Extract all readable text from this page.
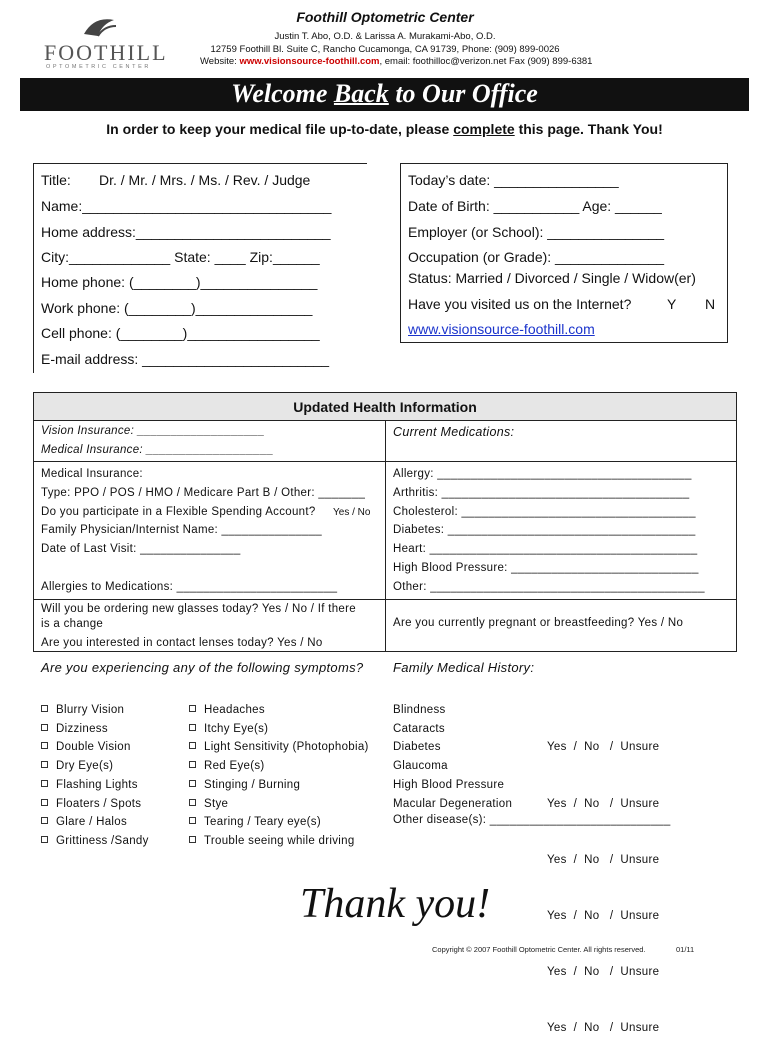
FOOTHILL
OPTOMETRIC CENTER
Foothill Optometric Center
Justin T. Abo, O.D. & Larissa A. Murakami-Abo, O.D.
12759 Foothill Bl. Suite C, Rancho Cucamonga, CA 91739, Phone: (909) 899-0026
Website: www.visionsource-foothill.com, email: foothilloc@verizon.net Fax (909) 899-6381
Welcome Back to Our Office
In order to keep your medical file up-to-date, please complete this page. Thank You!
Title: Dr. / Mr. / Mrs. / Ms. / Rev. / Judge
Name:________________________________
Home address:_________________________
City:_____________ State: ____ Zip:______
Home phone: (________)_______________
Work phone: (________)_______________
Cell phone: (________)_________________
E-mail address: ________________________
Today’s date: ________________
Date of Birth: ___________ Age: ______
Employer (or School): _______________
Occupation (or Grade): ______________
Status: Married / Divorced / Single / Widow(er)
Have you visited us on the Internet?	Y N
www.visionsource-foothill.com
Updated Health Information
Vision Insurance: ___________________
Medical Insurance: ___________________
Current Medications:
Medical Insurance:
Type: PPO / POS / HMO / Medicare Part B / Other: _______
Do you participate in a Flexible Spending Account? Yes / No
Family Physician/Internist Name: _______________
Date of Last Visit: _______________
Allergies to Medications: ________________________
Allergy: ______________________________________
Arthritis: _____________________________________
Cholesterol: ___________________________________
Diabetes: _____________________________________
Heart: ________________________________________
High Blood Pressure: ____________________________
Other: _________________________________________
Will you be ordering new glasses today? Yes / No / If there
is a change
Are you interested in contact lenses today? Yes / No
Are you currently pregnant or breastfeeding? Yes / No
Are you experiencing any of the following symptoms? Family Medical History:
Blurry Vision
Dizziness
Double Vision
Dry Eye(s)
Flashing Lights
Floaters / Spots
Glare / Halos
Grittiness /Sandy
Headaches
Itchy Eye(s)
Light Sensitivity (Photophobia)
Red Eye(s)
Stinging / Burning
Stye
Tearing / Teary eye(s)
Trouble seeing while driving
Blindness
Cataracts
Diabetes
Glaucoma
High Blood Pressure
Macular Degeneration

Yes  /  No   /  Unsure

Yes  /  No   /  Unsure

Yes  /  No   /  Unsure

Yes  /  No   /  Unsure

Yes  /  No   /  Unsure

Yes  /  No   /  Unsure

Other disease(s): ___________________________
Thank you!
Copyright © 2007 Foothill Optometric Center. All rights reserved.	01/11
